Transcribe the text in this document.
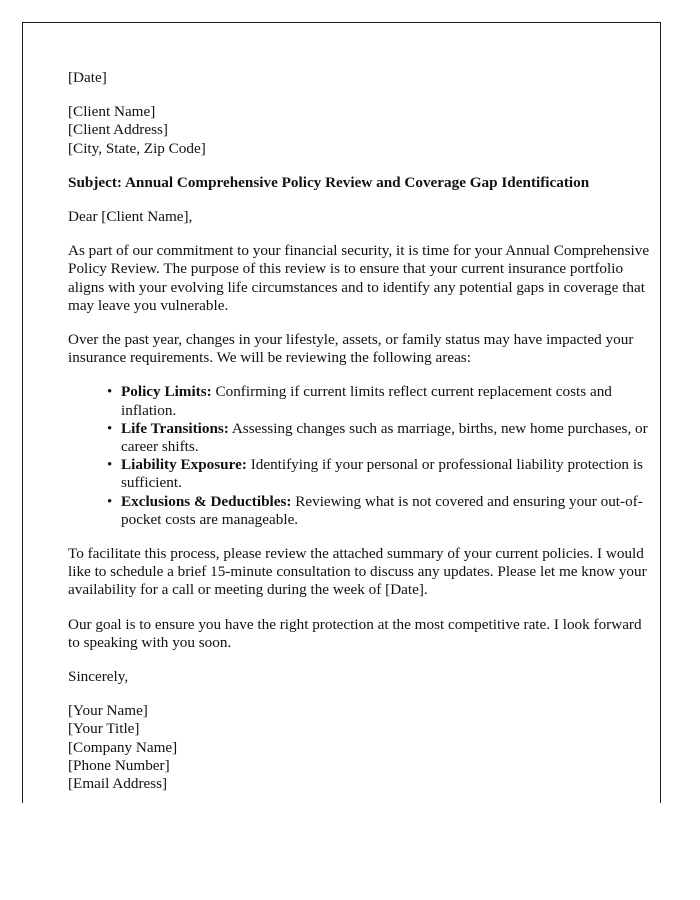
[Date]
[Client Name]
[Client Address]
[City, State, Zip Code]

Subject: Annual Comprehensive Policy Review and Coverage Gap Identification

Dear [Client Name],

As part of our commitment to your financial security, it is time for your Annual Comprehensive Policy Review. The purpose of this review is to ensure that your current insurance portfolio aligns with your evolving life circumstances and to identify any potential gaps in coverage that may leave you vulnerable.

Over the past year, changes in your lifestyle, assets, or family status may have impacted your insurance requirements. We will be reviewing the following areas:

• Policy Limits: Confirming if current limits reflect current replacement costs and inflation.
• Life Transitions: Assessing changes such as marriage, births, new home purchases, or career shifts.
• Liability Exposure: Identifying if your personal or professional liability protection is sufficient.
• Exclusions & Deductibles: Reviewing what is not covered and ensuring your out-of-pocket costs are manageable.

To facilitate this process, please review the attached summary of your current policies. I would like to schedule a brief 15-minute consultation to discuss any updates. Please let me know your availability for a call or meeting during the week of [Date].

Our goal is to ensure you have the right protection at the most competitive rate. I look forward to speaking with you soon.

Sincerely,

[Your Name]
[Your Title]
[Company Name]
[Phone Number]
[Email Address]
